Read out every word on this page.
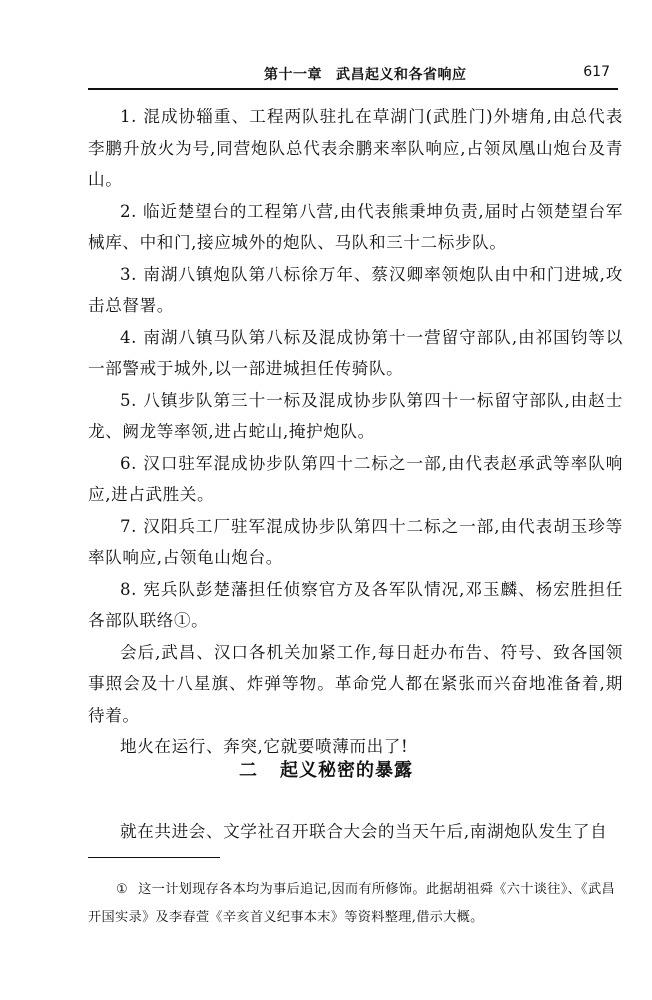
第十一章 武昌起义和各省响应	617

1. 混成协辎重、工程两队驻扎在草湖门(武胜门)外塘角,由总代表李鹏升放火为号,同营炮队总代表余鹏来率队响应,占领凤凰山炮台及青山。

2. 临近楚望台的工程第八营,由代表熊秉坤负责,届时占领楚望台军械库、中和门,接应城外的炮队、马队和三十二标步队。

3. 南湖八镇炮队第八标徐万年、蔡汉卿率领炮队由中和门进城,攻击总督署。

4. 南湖八镇马队第八标及混成协第十一营留守部队,由祁国钧等以一部警戒于城外,以一部进城担任传骑队。

5. 八镇步队第三十一标及混成协步队第四十一标留守部队,由赵士龙、阙龙等率领,进占蛇山,掩护炮队。

6. 汉口驻军混成协步队第四十二标之一部,由代表赵承武等率队响应,进占武胜关。

7. 汉阳兵工厂驻军混成协步队第四十二标之一部,由代表胡玉珍等率队响应,占领龟山炮台。

8. 宪兵队彭楚藩担任侦察官方及各军队情况,邓玉麟、杨宏胜担任各部队联络①。

会后,武昌、汉口各机关加紧工作,每日赶办布告、符号、致各国领事照会及十八星旗、炸弹等物。革命党人都在紧张而兴奋地准备着,期待着。

地火在运行、奔突,它就要喷薄而出了!

二 起义秘密的暴露

就在共进会、文学社召开联合大会的当天午后,南湖炮队发生了自

① 这一计划现存各本均为事后追记,因而有所修饰。此据胡祖舜《六十谈往》、《武昌开国实录》及李春萱《辛亥首义纪事本末》等资料整理,借示大概。
